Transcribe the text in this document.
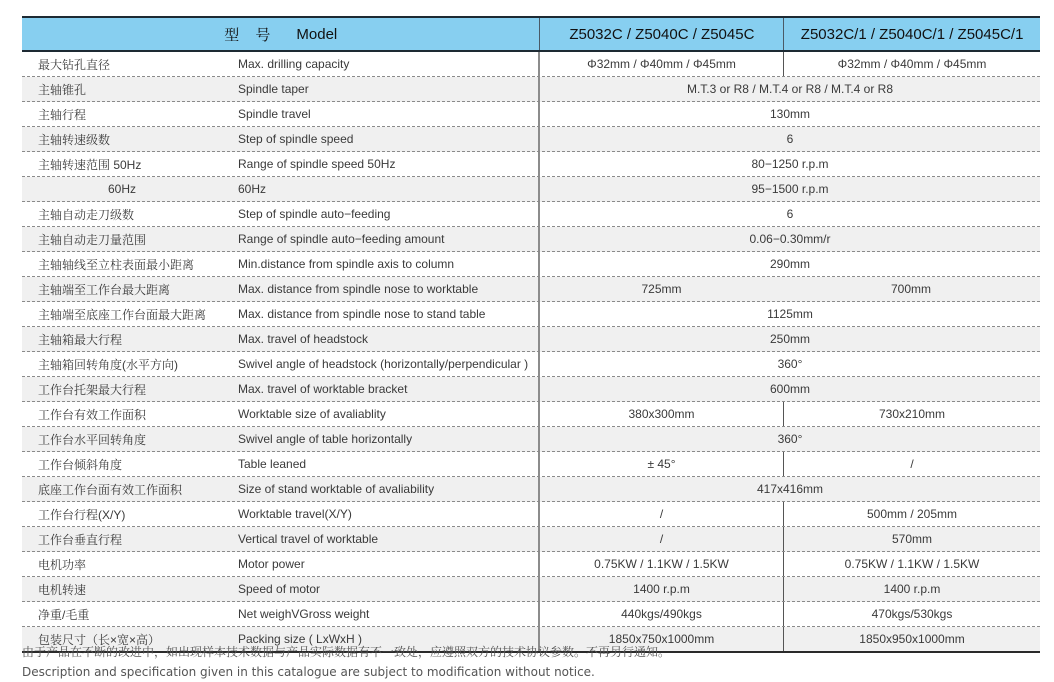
型 号 Model	Z5032C / Z5040C / Z5045C	Z5032C/1 / Z5040C/1 / Z5045C/1
最大钻孔直径	Max. drilling capacity	Φ32mm / Φ40mm / Φ45mm	Φ32mm / Φ40mm / Φ45mm
主轴锥孔	Spindle taper	M.T.3 or R8 / M.T.4 or R8 / M.T.4 or R8
主轴行程	Spindle travel	130mm
主轴转速级数	Step of spindle speed	6
主轴转速范围 50Hz	Range of spindle speed 50Hz	80−1250 r.p.m
60Hz	60Hz	95−1500 r.p.m
主轴自动走刀级数	Step of spindle auto−feeding	6
主轴自动走刀量范围	Range of spindle auto−feeding amount	0.06−0.30mm/r
主轴轴线至立柱表面最小距离	Min.distance from spindle axis to column	290mm
主轴端至工作台最大距离	Max. distance from spindle nose to worktable	725mm	700mm
主轴端至底座工作台面最大距离	Max. distance from spindle nose to stand table	1125mm
主轴箱最大行程	Max. travel of headstock	250mm
主轴箱回转角度(水平方向)	Swivel angle of headstock (horizontally/perpendicular )	360°
工作台托架最大行程	Max. travel of worktable bracket	600mm
工作台有效工作面积	Worktable size of avaliablity	380x300mm	730x210mm
工作台水平回转角度	Swivel angle of table horizontally	360°
工作台倾斜角度	Table leaned	± 45°	/
底座工作台面有效工作面积	Size of stand worktable of avaliability	417x416mm
工作台行程(X/Y)	Worktable travel(X/Y)	/	500mm / 205mm
工作台垂直行程	Vertical travel of worktable	/	570mm
电机功率	Motor power	0.75KW / 1.1KW / 1.5KW	0.75KW / 1.1KW / 1.5KW
电机转速	Speed of motor	1400 r.p.m	1400 r.p.m
净重/毛重	Net weighVGross weight	440kgs/490kgs	470kgs/530kgs
包装尺寸（长×宽×高）	Packing size ( LxWxH )	1850x750x1000mm	1850x950x1000mm
由于产品在不断的改进中，如出现样本技术数据与产品实际数据有不一致处，应遵照双方的技术协议参数。不再另行通知。
Description and specification given in this catalogue are subject to modification without notice.
